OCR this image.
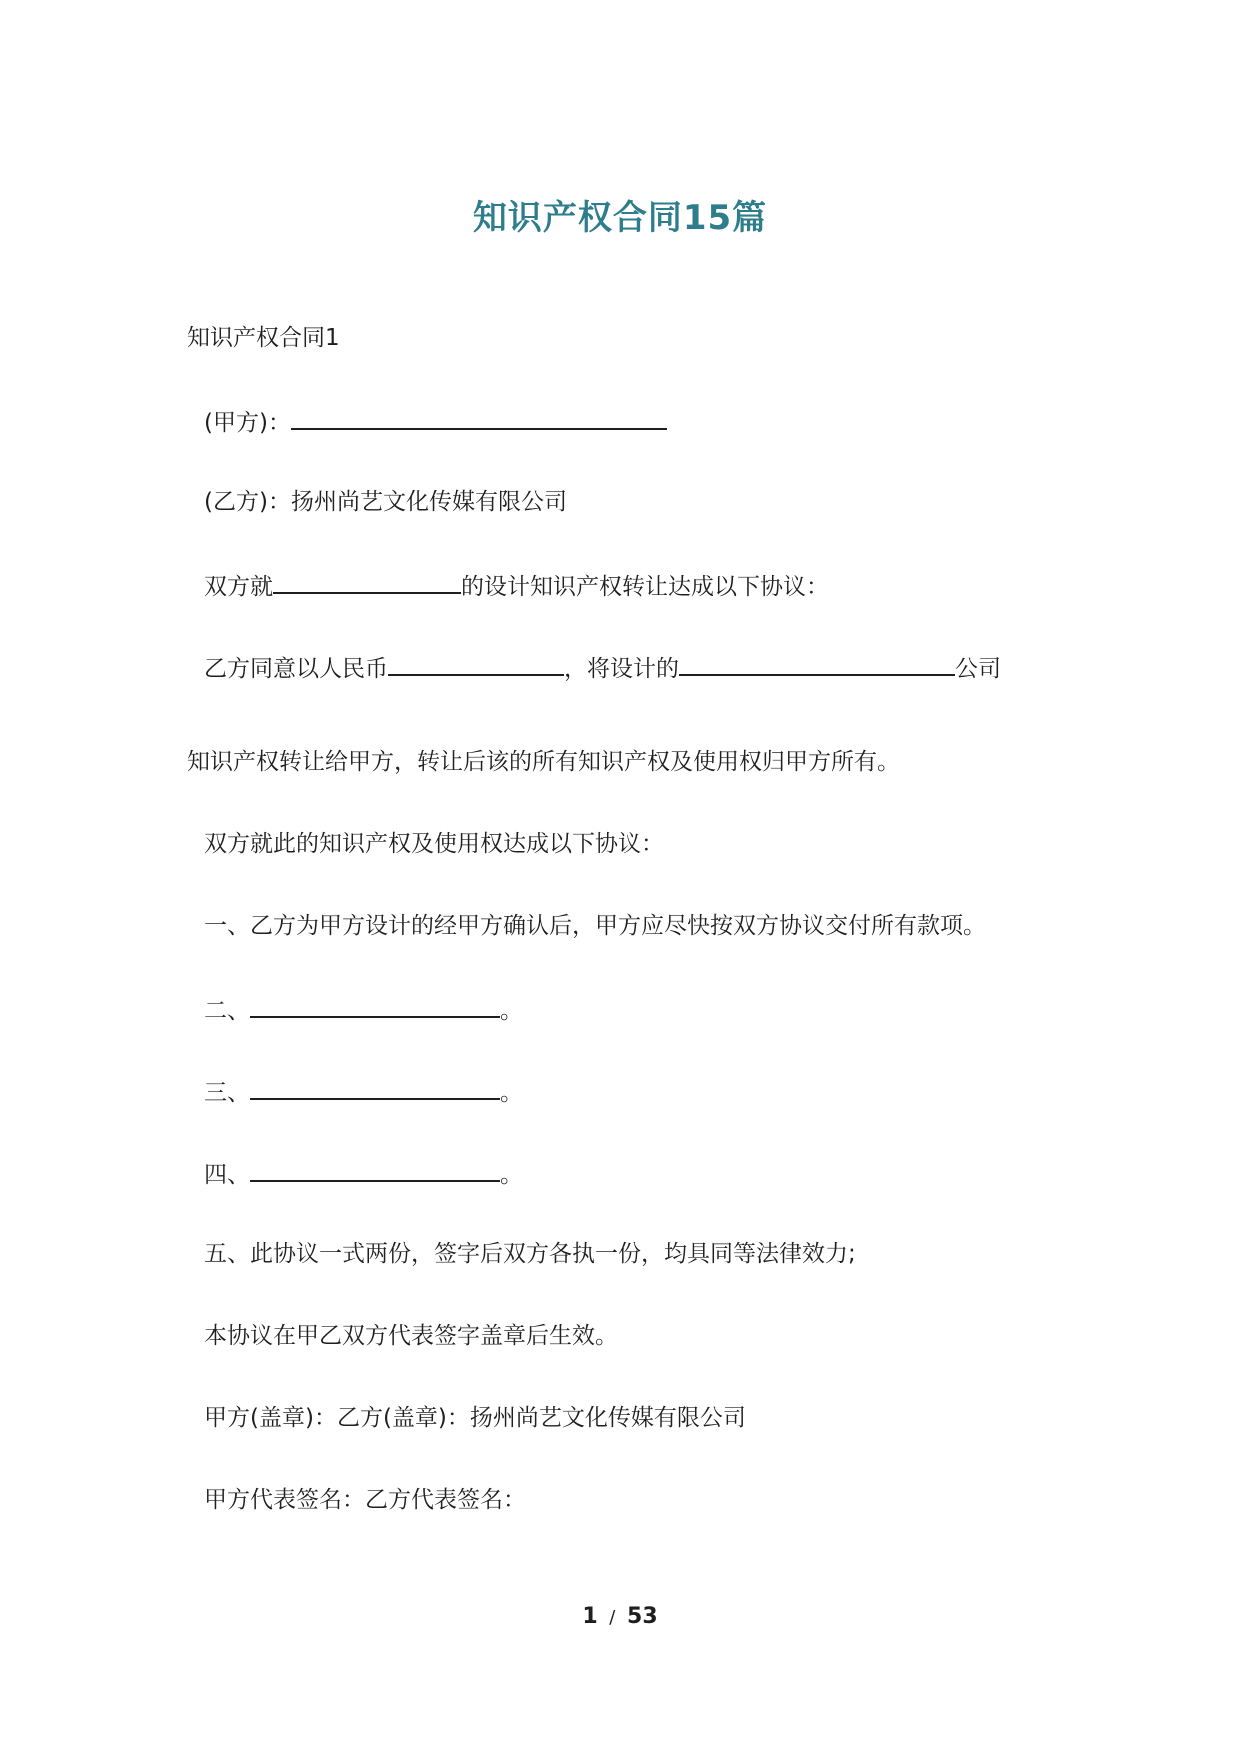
知识产权合同15篇
知识产权合同1
(甲方)：
(乙方)：扬州尚艺文化传媒有限公司
双方就	的设计知识产权转让达成以下协议：
乙方同意以人民币	，将设计的	公司
知识产权转让给甲方，转让后该的所有知识产权及使用权归甲方所有。
双方就此的知识产权及使用权达成以下协议：
一、乙方为甲方设计的经甲方确认后，甲方应尽快按双方协议交付所有款项。
二、	。
三、	。
四、	。
五、此协议一式两份，签字后双方各执一份，均具同等法律效力;
本协议在甲乙双方代表签字盖章后生效。
甲方(盖章)：乙方(盖章)：扬州尚艺文化传媒有限公司
甲方代表签名：乙方代表签名：
1 / 53
